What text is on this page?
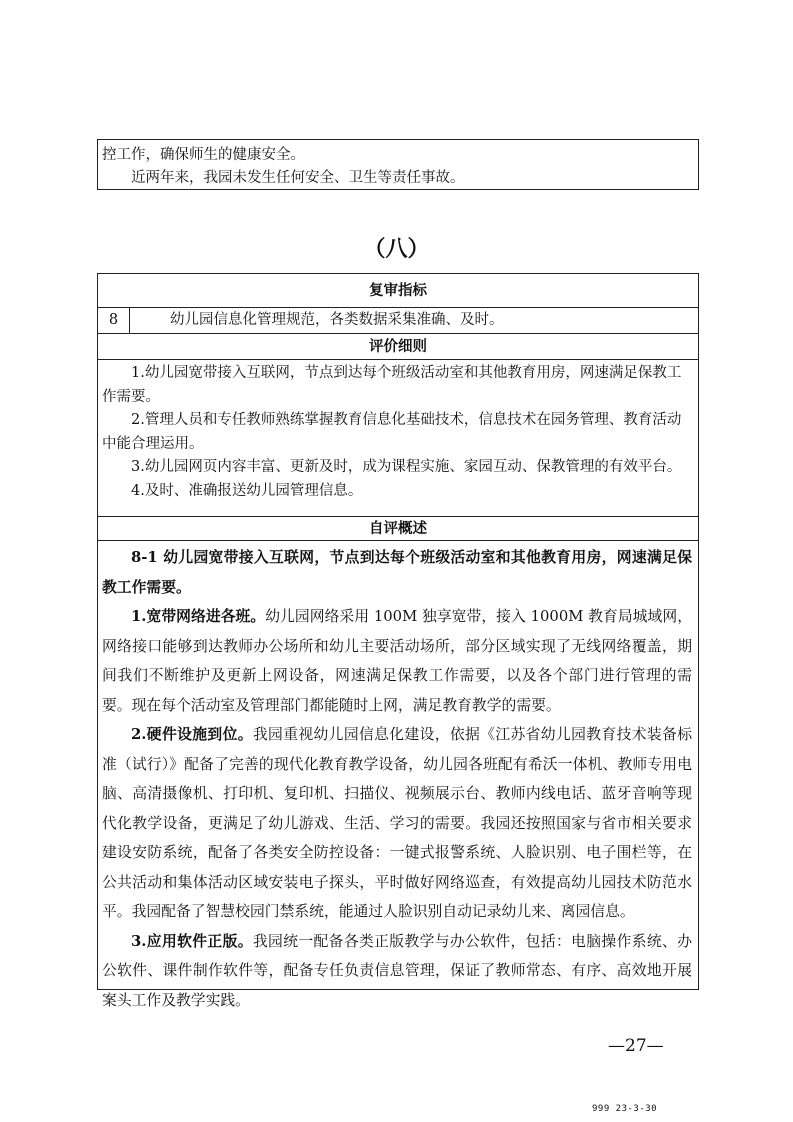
控工作，确保师生的健康安全。

近两年来，我园未发生任何安全、卫生等责任事故。

（八）
复审指标
8	幼儿园信息化管理规范，各类数据采集准确、及时。
评价细则

1.幼儿园宽带接入互联网，节点到达每个班级活动室和其他教育用房，网速满足保教工作需要。

2.管理人员和专任教师熟练掌握教育信息化基础技术，信息技术在园务管理、教育活动中能合理运用。

3.幼儿园网页内容丰富、更新及时，成为课程实施、家园互动、保教管理的有效平台。

4.及时、准确报送幼儿园管理信息。

自评概述

8-1 幼儿园宽带接入互联网，节点到达每个班级活动室和其他教育用房，网速满足保教工作需要。

1.宽带网络进各班。幼儿园网络采用 100M 独享宽带，接入 1000M 教育局城域网，网络接口能够到达教师办公场所和幼儿主要活动场所，部分区域实现了无线网络覆盖，期间我们不断维护及更新上网设备，网速满足保教工作需要，以及各个部门进行管理的需要。现在每个活动室及管理部门都能随时上网，满足教育教学的需要。

2.硬件设施到位。我园重视幼儿园信息化建设，依据《江苏省幼儿园教育技术装备标准（试行）》配备了完善的现代化教育教学设备，幼儿园各班配有希沃一体机、教师专用电脑、高清摄像机、打印机、复印机、扫描仪、视频展示台、教师内线电话、蓝牙音响等现代化教学设备，更满足了幼儿游戏、生活、学习的需要。我园还按照国家与省市相关要求建设安防系统，配备了各类安全防控设备：一键式报警系统、人脸识别、电子围栏等，在公共活动和集体活动区域安装电子探头，平时做好网络巡查，有效提高幼儿园技术防范水平。我园配备了智慧校园门禁系统，能通过人脸识别自动记录幼儿来、离园信息。

3.应用软件正版。我园统一配备各类正版教学与办公软件，包括：电脑操作系统、办公软件、课件制作软件等，配备专任负责信息管理，保证了教师常态、有序、高效地开展案头工作及教学实践。

—27—
999 23-3-30
